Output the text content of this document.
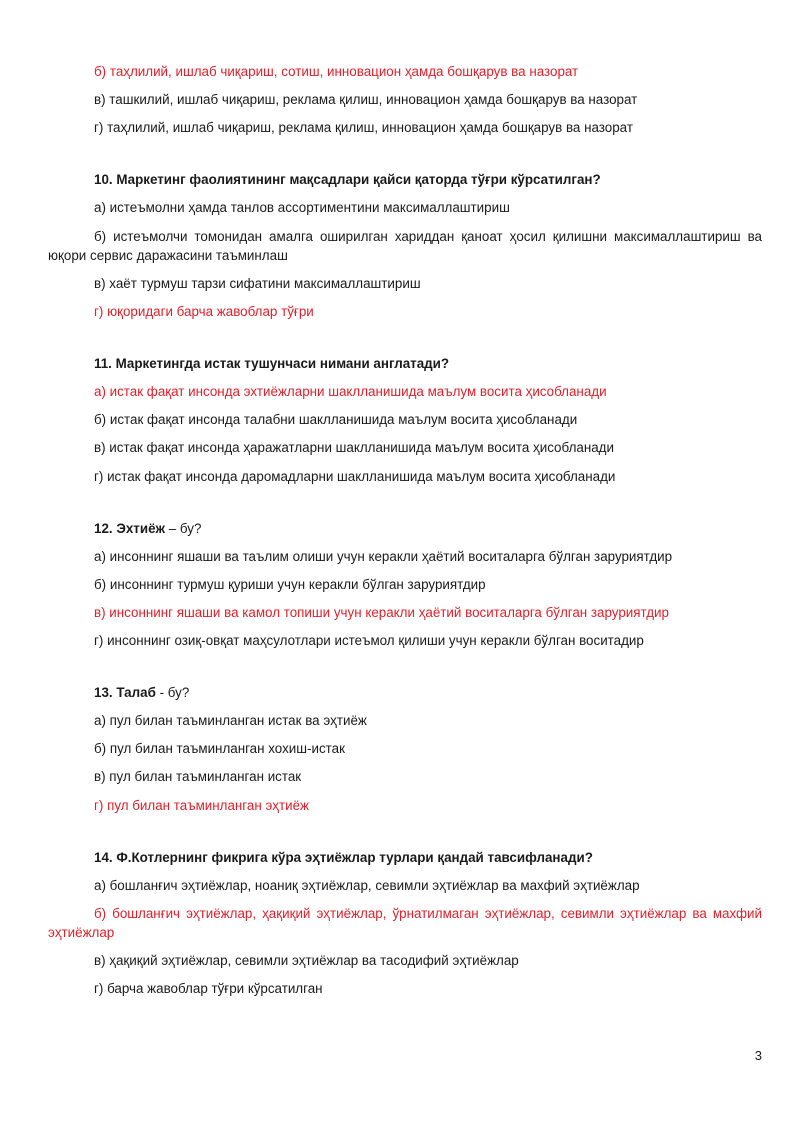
б) таҳлилий, ишлаб чиқариш, сотиш, инновацион ҳамда бошқарув ва назорат
в) ташкилий, ишлаб чиқариш, реклама қилиш, инновацион ҳамда бошқарув ва назорат
г) таҳлилий, ишлаб чиқариш, реклама қилиш, инновацион ҳамда бошқарув ва назорат
10. Маркетинг фаолиятининг мақсадлари қайси қаторда тўғри кўрсатилган?
а) истеъмолни ҳамда танлов ассортиментини максималлаштириш
б) истеъмолчи томонидан амалга оширилган хариддан қаноат ҳосил қилишни максималлаштириш ва юқори сервис даражасини таъминлаш
в) хаёт турмуш тарзи сифатини максималлаштириш
г) юқоридаги барча жавоблар тўғри
11. Маркетингда истак тушунчаси нимани англатади?
а) истак фақат инсонда эхтиёжларни шаклланишида маълум восита ҳисобланади
б) истак фақат инсонда талабни шаклланишида маълум восита ҳисобланади
в) истак фақат инсонда ҳаражатларни шаклланишида маълум восита ҳисобланади
г) истак фақат инсонда даромадларни шаклланишида маълум восита ҳисобланади
12. Эхтиёж – бу?
а) инсоннинг яшаши ва таълим олиши учун керакли ҳаётий воситаларга бўлган заруриятдир
б) инсоннинг турмуш қуриши учун керакли бўлган заруриятдир
в) инсоннинг яшаши ва камол топиши учун керакли ҳаётий воситаларга бўлган заруриятдир
г) инсоннинг озиқ-овқат маҳсулотлари истеъмол қилиши учун керакли бўлган воситадир
13. Талаб - бу?
а) пул билан таъминланган истак ва эҳтиёж
б) пул билан таъминланган хохиш-истак
в) пул билан таъминланган истак
г) пул билан таъминланган эҳтиёж
14. Ф.Котлернинг фикрига кўра эҳтиёжлар турлари қандай тавсифланади?
а) бошланғич эҳтиёжлар, ноаниқ эҳтиёжлар, севимли эҳтиёжлар ва махфий эҳтиёжлар
б) бошланғич эҳтиёжлар, ҳақиқий эҳтиёжлар, ўрнатилмаган эҳтиёжлар, севимли эҳтиёжлар ва махфий эҳтиёжлар
в) ҳақиқий эҳтиёжлар, севимли эҳтиёжлар ва тасодифий эҳтиёжлар
г) барча жавоблар тўғри кўрсатилган
3
